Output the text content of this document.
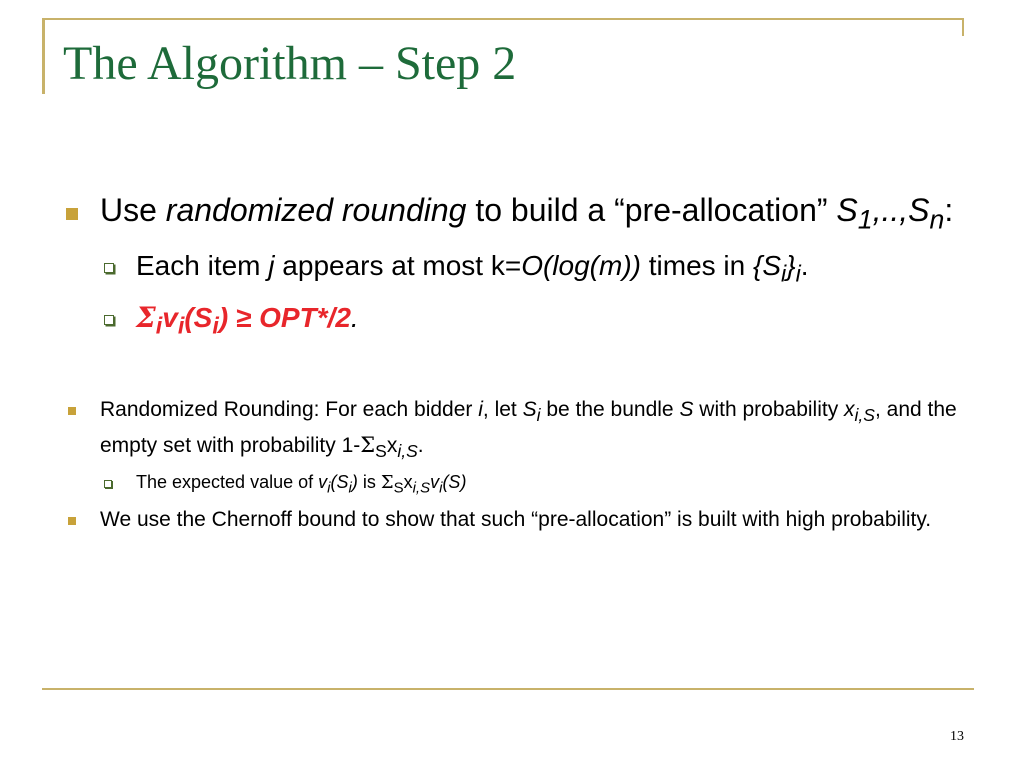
The Algorithm – Step 2
Use randomized rounding to build a “pre-allocation” $S_1,..,S_n$:
Each item j appears at most k=O(log(m)) times in $\{S_i\}_i$.
$\Sigma_iv_i(S_i) \ge OPT*/2$.
Randomized Rounding: For each bidder i, let $S_i$ be the bundle S with probability $x_{i,S}$, and the empty set with probability $1-\Sigma_Sx_{i,S}$.
The expected value of $v_i(S_i)$ is $\Sigma_Sx_{i,S}v_i(S)$
We use the Chernoff bound to show that such “pre-allocation” is built with high probability.
13
